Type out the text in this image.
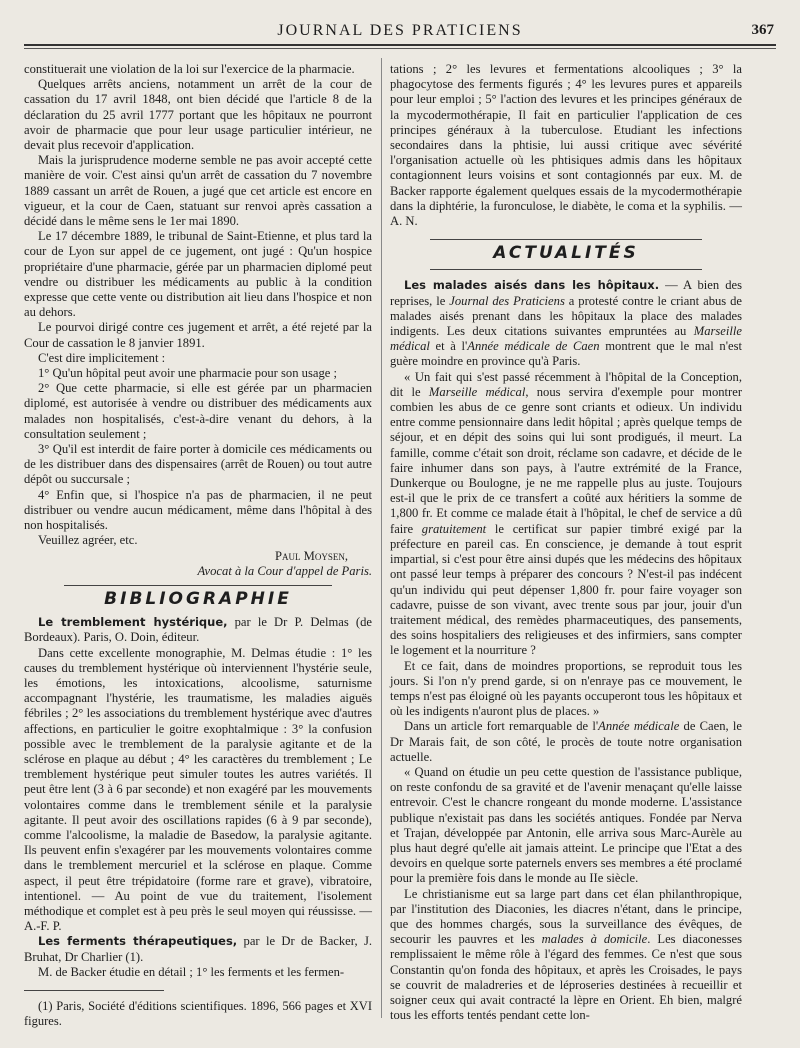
JOURNAL DES PRATICIENS	367

constituerait une violation de la loi sur l'exercice de la pharmacie.

Quelques arrêts anciens, notamment un arrêt de la cour de cassation du 17 avril 1848, ont bien décidé que l'article 8 de la déclaration du 25 avril 1777 portant que les hôpitaux ne pourront avoir de pharmacie que pour leur usage particulier intérieur, ne devait plus recevoir d'application.

Mais la jurisprudence moderne semble ne pas avoir accepté cette manière de voir. C'est ainsi qu'un arrêt de cassation du 7 novembre 1889 cassant un arrêt de Rouen, a jugé que cet article est encore en vigueur, et la cour de Caen, statuant sur renvoi après cassation a décidé dans le même sens le 1er mai 1890.

Le 17 décembre 1889, le tribunal de Saint-Etienne, et plus tard la cour de Lyon sur appel de ce jugement, ont jugé : Qu'un hospice propriétaire d'une pharmacie, gérée par un pharmacien diplomé peut vendre ou distribuer les médicaments au public à la condition expresse que cette vente ou distribution ait lieu dans l'hospice et non au dehors.

Le pourvoi dirigé contre ces jugement et arrêt, a été rejeté par la Cour de cassation le 8 janvier 1891.

C'est dire implicitement :

1° Qu'un hôpital peut avoir une pharmacie pour son usage ;

2° Que cette pharmacie, si elle est gérée par un pharmacien diplomé, est autorisée à vendre ou distribuer des médicaments aux malades non hospitalisés, c'est-à-dire venant du dehors, à la consultation seulement ;

3° Qu'il est interdit de faire porter à domicile ces médicaments ou de les distribuer dans des dispensaires (arrêt de Rouen) ou tout autre dépôt ou succursale ;

4° Enfin que, si l'hospice n'a pas de pharmacien, il ne peut distribuer ou vendre aucun médicament, même dans l'hôpital à des non hospitalisés.

Veuillez agréer, etc.

Paul Moysen,
Avocat à la Cour d'appel de Paris.
BIBLIOGRAPHIE

Le tremblement hystérique, par le Dr P. Delmas (de Bordeaux). Paris, O. Doin, éditeur.

Dans cette excellente monographie, M. Delmas étudie : 1° les causes du tremblement hystérique où interviennent l'hystérie seule, les émotions, les intoxications, alcoolisme, saturnisme accompagnant l'hystérie, les traumatisme, les maladies aiguës fébriles ; 2° les associations du tremblement hystérique avec d'autres affections, en particulier le goitre exophtalmique : 3° la confusion possible avec le tremblement de la paralysie agitante et de la sclérose en plaque au début ; 4° les caractères du tremblement ; Le tremblement hystérique peut simuler toutes les autres variétés. Il peut être lent (3 à 6 par seconde) et non exagéré par les mouvements volontaires comme dans le tremblement sénile et la paralysie agitante. Il peut avoir des oscillations rapides (6 à 9 par seconde), comme l'alcoolisme, la maladie de Basedow, la paralysie agitante. Ils peuvent enfin s'exagérer par les mouvements volontaires comme dans le tremblement mercuriel et la sclérose en plaque. Comme aspect, il peut être trépidatoire (forme rare et grave), vibratoire, intentionel. — Au point de vue du traitement, l'isolement méthodique et complet est à peu près le seul moyen qui réussisse. — A.-F. P.

Les ferments thérapeutiques, par le Dr de Backer, J. Bruhat, Dr Charlier (1).

M. de Backer étudie en détail ; 1° les ferments et les fermen-

(1) Paris, Société d'éditions scientifiques. 1896, 566 pages et XVI figures.

tations ; 2° les levures et fermentations alcooliques ; 3° la phagocytose des ferments figurés ; 4° les levures pures et appareils pour leur emploi ; 5° l'action des levures et les principes généraux de la mycodermothérapie, Il fait en particulier l'application de ces principes généraux à la tuberculose. Etudiant les infections secondaires dans la phtisie, lui aussi critique avec sévérité l'organisation actuelle où les phtisiques admis dans les hôpitaux contagionnent leurs voisins et sont contagionnés par eux. M. de Backer rapporte également quelques essais de la mycodermothérapie dans la diphtérie, la furonculose, le diabète, le coma et la syphilis. — A. N.

ACTUALITÉS

Les malades aisés dans les hôpitaux. — A bien des reprises, le Journal des Praticiens a protesté contre le criant abus de malades aisés prenant dans les hôpitaux la place des malades indigents. Les deux citations suivantes empruntées au Marseille médical et à l'Année médicale de Caen montrent que le mal n'est guère moindre en province qu'à Paris.

« Un fait qui s'est passé récemment à l'hôpital de la Conception, dit le Marseille médical, nous servira d'exemple pour montrer combien les abus de ce genre sont criants et odieux. Un individu entre comme pensionnaire dans ledit hôpital ; après quelque temps de séjour, et en dépit des soins qui lui sont prodigués, il meurt. La famille, comme c'était son droit, réclame son cadavre, et décide de le faire inhumer dans son pays, à l'autre extrémité de la France, Dunkerque ou Boulogne, je ne me rappelle plus au juste. Toujours est-il que le prix de ce transfert a coûté aux héritiers la somme de 1,800 fr. Et comme ce malade était à l'hôpital, le chef de service a dû faire gratuitement le certificat sur papier timbré exigé par la préfecture en pareil cas. En conscience, je demande à tout esprit impartial, si c'est pour être ainsi dupés que les médecins des hôpitaux ont passé leur temps à préparer des concours ? N'est-il pas indécent qu'un individu qui peut dépenser 1,800 fr. pour faire voyager son cadavre, puisse de son vivant, avec trente sous par jour, jouir d'un traitement médical, des remèdes pharmaceutiques, des pansements, des soins hospitaliers des religieuses et des infirmiers, sans compter le logement et la nourriture ?

Et ce fait, dans de moindres proportions, se reproduit tous les jours. Si l'on n'y prend garde, si on n'enraye pas ce mouvement, le temps n'est pas éloigné où les payants occuperont tous les hôpitaux et où les indigents n'auront plus de places. »

Dans un article fort remarquable de l'Année médicale de Caen, le Dr Marais fait, de son côté, le procès de toute notre organisation actuelle.

« Quand on étudie un peu cette question de l'assistance publique, on reste confondu de sa gravité et de l'avenir menaçant qu'elle laisse entrevoir. C'est le chancre rongeant du monde moderne. L'assistance publique n'existait pas dans les sociétés antiques. Fondée par Nerva et Trajan, développée par Antonin, elle arriva sous Marc-Aurèle au plus haut degré qu'elle ait jamais atteint. Le principe que l'Etat a des devoirs en quelque sorte paternels envers ses membres a été proclamé pour la première fois dans le monde au IIe siècle.

Le christianisme eut sa large part dans cet élan philanthropique, par l'institution des Diaconies, les diacres n'étant, dans le principe, que des hommes chargés, sous la surveillance des évêques, de secourir les pauvres et les malades à domicile. Les diaconesses remplissaient le même rôle à l'égard des femmes. Ce n'est que sous Constantin qu'on fonda des hôpitaux, et après les Croisades, le pays se couvrit de maladreries et de léproseries destinées à recueillir et soigner ceux qui avait contracté la lèpre en Orient. Eh bien, malgré tous les efforts tentés pendant cette lon-
